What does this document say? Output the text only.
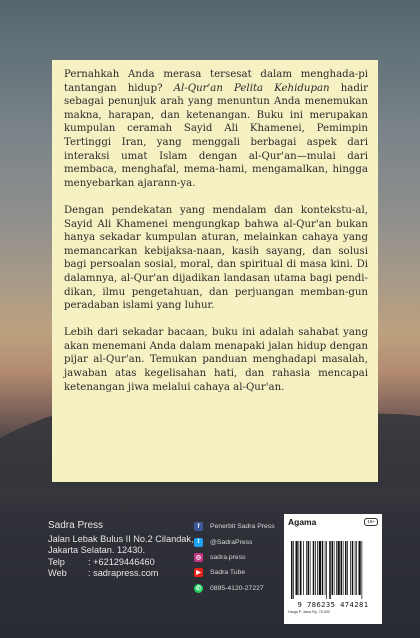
Pernahkah Anda merasa tersesat dalam menghada-pi tantangan hidup? Al-Qur'an Pelita Kehidupan hadir sebagai penunjuk arah yang menuntun Anda menemukan makna, harapan, dan ketenangan. Buku ini merupakan kumpulan ceramah Sayid Ali Khamenei, Pemimpin Tertinggi Iran, yang menggali berbagai aspek dari interaksi umat Islam dengan al-Qur'an—mulai dari membaca, menghafal, mema-hami, mengamalkan, hingga menyebarkan ajarann-ya.

Dengan pendekatan yang mendalam dan kontekstu-al, Sayid Ali Khamenei mengungkap bahwa al-Qur'an bukan hanya sekadar kumpulan aturan, melainkan cahaya yang memancarkan kebijaksa-naan, kasih sayang, dan solusi bagi persoalan sosial, moral, dan spiritual di masa kini. Di dalamnya, al-Qur'an dijadikan landasan utama bagi pendi-dikan, ilmu pengetahuan, dan perjuangan memban-gun peradaban islami yang luhur.

Lebih dari sekadar bacaan, buku ini adalah sahabat yang akan menemani Anda dalam menapaki jalan hidup dengan pijar al-Qur'an. Temukan panduan menghadapi masalah, jawaban atas kegelisahan hati, dan rahasia mencapai ketenangan jiwa melalui cahaya al-Qur'an.

Sadra Press
Jalan Lebak Bulus II No.2 Cilandak,
Jakarta Selatan. 12430.
Telp	: +62129446460
Web	: sadrapress.com
f	Penerbit Sadra Press
t	@SadraPress
◎ sadra.press
▶	Sadra Tube
✆ 0895-4120-27227
Agama	18+
9 786235 474281
Harga P. Jawa Rp. 75.000
